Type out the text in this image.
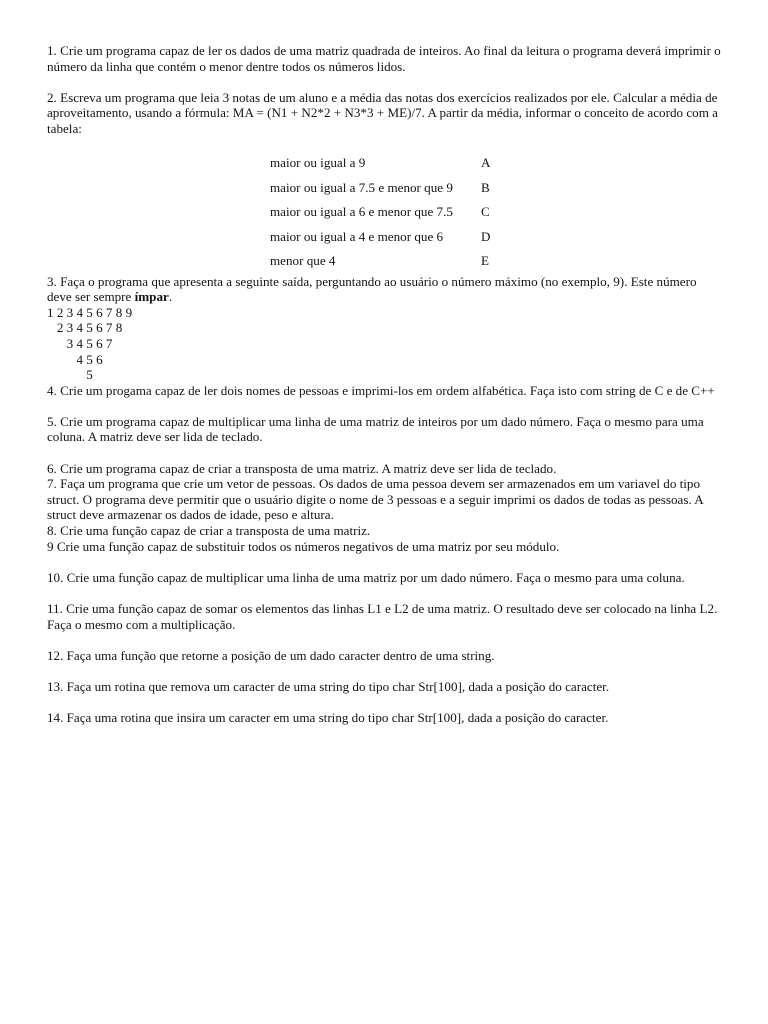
1. Crie um programa capaz de ler os dados de uma matriz quadrada de inteiros. Ao final da leitura o programa deverá imprimir o número da linha que contém o menor dentre todos os números lidos.

2. Escreva um programa que leia 3 notas de um aluno e a média das notas dos exercícios realizados por ele. Calcular a média de aproveitamento, usando a fórmula: MA = (N1 + N2*2 + N3*3 + ME)/7. A partir da média, informar o conceito de acordo com a tabela:

maior ou igual a 9	A
maior ou igual a 7.5 e menor que 9	B
maior ou igual a 6 e menor que 7.5	C
maior ou igual a 4 e menor que 6	D
menor que 4	E

3. Faça o programa que apresenta a seguinte saída, perguntando ao usuário o número máximo (no exemplo, 9). Este número deve ser sempre ímpar.

1 2 3 4 5 6 7 8 9
2 3 4 5 6 7 8
3 4 5 6 7
4 5 6
5

4. Crie um progama capaz de ler dois nomes de pessoas e imprimi-los em ordem alfabética. Faça isto com string de C e de C++

5. Crie um programa capaz de multiplicar uma linha de uma matriz de inteiros por um dado número. Faça o mesmo para uma coluna. A matriz deve ser lida de teclado.

6. Crie um programa capaz de criar a transposta de uma matriz. A matriz deve ser lida de teclado.

7. Faça um programa que crie um vetor de pessoas. Os dados de uma pessoa devem ser armazenados em um variavel do tipo struct. O programa deve permitir que o usuário digite o nome de 3 pessoas e a seguir imprimi os dados de todas as pessoas. A struct deve armazenar os dados de idade, peso e altura.

8. Crie uma função capaz de criar a transposta de uma matriz.

9 Crie uma função capaz de substituir todos os números negativos de uma matriz por seu módulo.

10. Crie uma função capaz de multiplicar uma linha de uma matriz por um dado número. Faça o mesmo para uma coluna.

11. Crie uma função capaz de somar os elementos das linhas L1 e L2 de uma matriz. O resultado deve ser colocado na linha L2. Faça o mesmo com a multiplicação.

12. Faça uma função que retorne a posição de um dado caracter dentro de uma string.

13. Faça um rotina que remova um caracter de uma string do tipo char Str[100], dada a posição do caracter.

14. Faça uma rotina que insira um caracter em uma string do tipo char Str[100], dada a posição do caracter.
